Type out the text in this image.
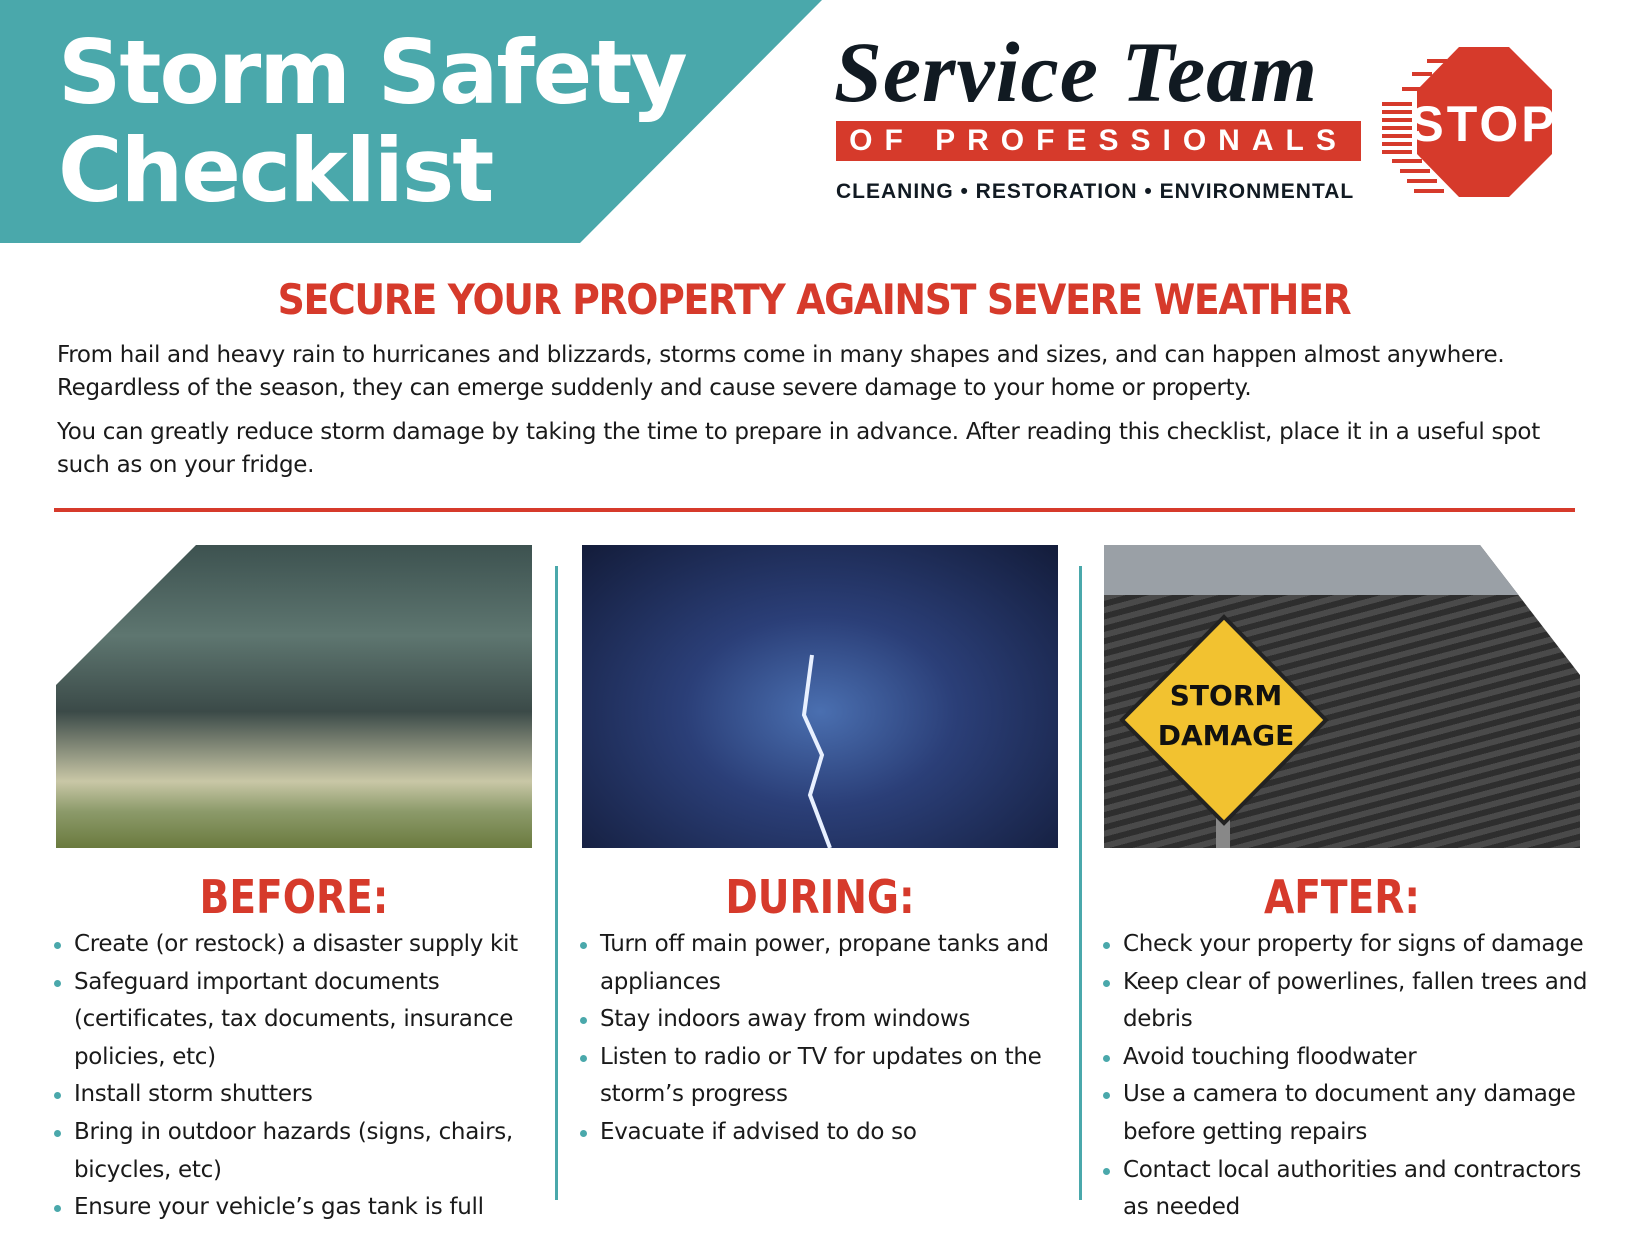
Storm Safety
Checklist
Service Team
OF PROFESSIONALS
CLEANING • RESTORATION • ENVIRONMENTAL
STOP
SECURE YOUR PROPERTY AGAINST SEVERE WEATHER
From hail and heavy rain to hurricanes and blizzards, storms come in many shapes and sizes, and can happen almost anywhere. Regardless of the season, they can emerge suddenly and cause severe damage to your home or property.
You can greatly reduce storm damage by taking the time to prepare in advance. After reading this checklist, place it in a useful spot such as on your fridge.
STORM
DAMAGE
BEFORE:	DURING:	AFTER:
Create (or restock) a disaster supply kit
Safeguard important documents (certificates, tax documents, insurance policies, etc)
Install storm shutters
Bring in outdoor hazards (signs, chairs, bicycles, etc)
Ensure your vehicle’s gas tank is full
Turn off main power, propane tanks and appliances
Stay indoors away from windows
Listen to radio or TV for updates on the storm’s progress
Evacuate if advised to do so
Check your property for signs of damage
Keep clear of powerlines, fallen trees and debris
Avoid touching floodwater
Use a camera to document any damage before getting repairs
Contact local authorities and contractors as needed
